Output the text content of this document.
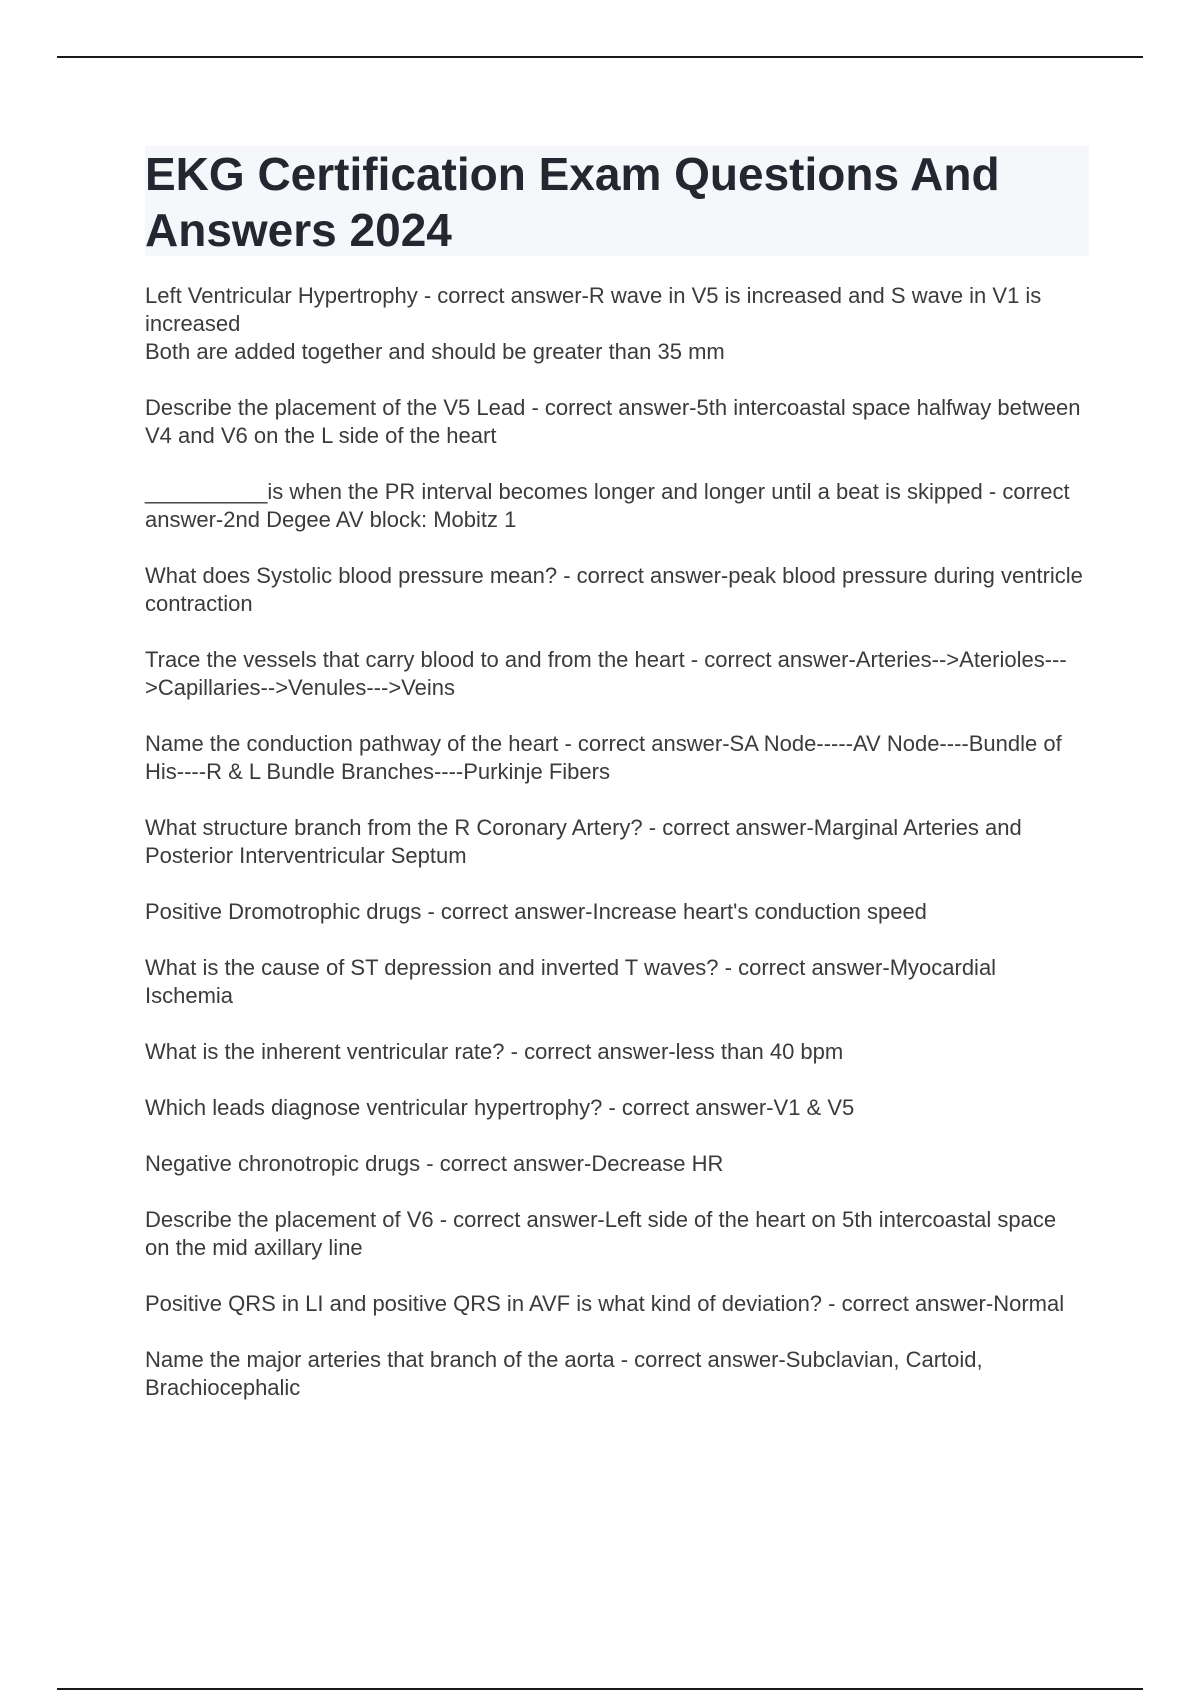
EKG Certification Exam Questions And Answers 2024
Left Ventricular Hypertrophy - correct answer-R wave in V5 is increased and S wave in V1 is increased
Both are added together and should be greater than 35 mm
Describe the placement of the V5 Lead - correct answer-5th intercoastal space halfway between V4 and V6 on the L side of the heart
__________is when the PR interval becomes longer and longer until a beat is skipped - correct answer-2nd Degee AV block: Mobitz 1
What does Systolic blood pressure mean? - correct answer-peak blood pressure during ventricle contraction
Trace the vessels that carry blood to and from the heart - correct answer-Arteries-->Aterioles--->Capillaries-->Venules--->Veins
Name the conduction pathway of the heart - correct answer-SA Node-----AV Node----Bundle of His----R & L Bundle Branches----Purkinje Fibers
What structure branch from the R Coronary Artery? - correct answer-Marginal Arteries and Posterior Interventricular Septum
Positive Dromotrophic drugs - correct answer-Increase heart's conduction speed
What is the cause of ST depression and inverted T waves? - correct answer-Myocardial Ischemia
What is the inherent ventricular rate? - correct answer-less than 40 bpm
Which leads diagnose ventricular hypertrophy? - correct answer-V1 & V5
Negative chronotropic drugs - correct answer-Decrease HR
Describe the placement of V6 - correct answer-Left side of the heart on 5th intercoastal space on the mid axillary line
Positive QRS in LI and positive QRS in AVF is what kind of deviation? - correct answer-Normal
Name the major arteries that branch of the aorta - correct answer-Subclavian, Cartoid, Brachiocephalic
